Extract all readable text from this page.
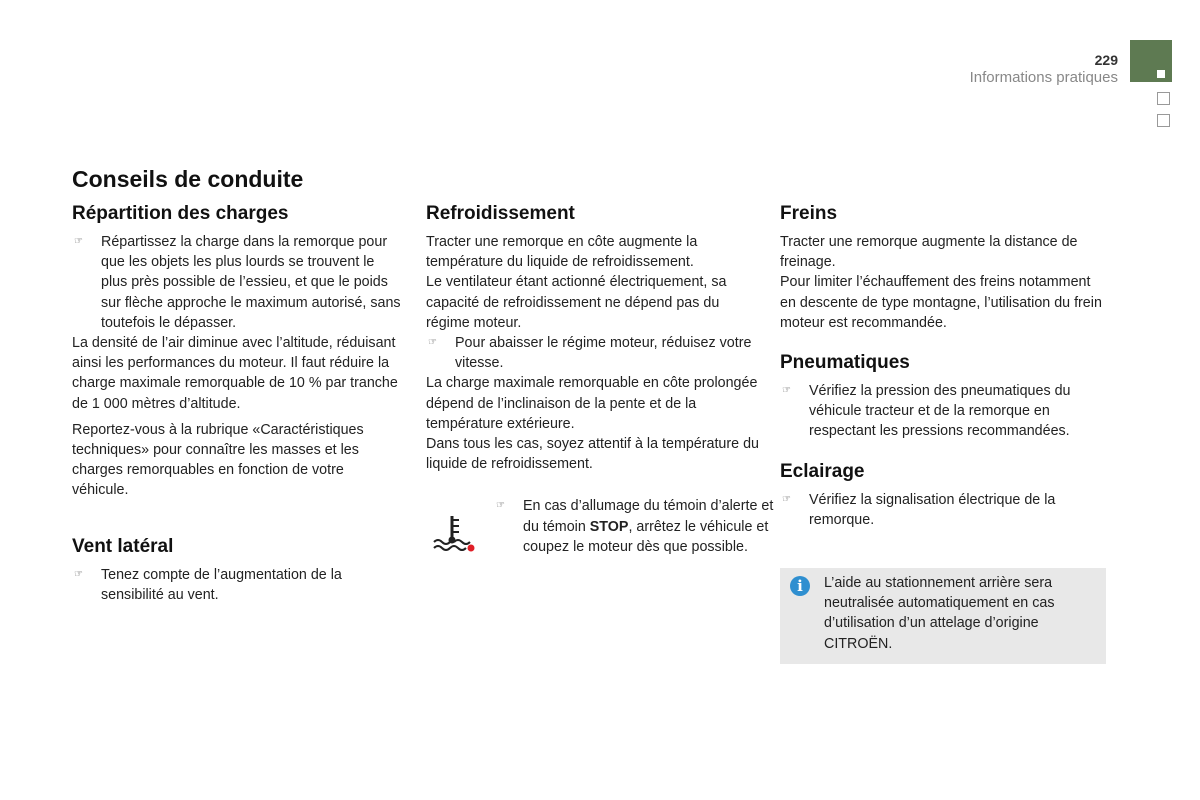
229
Informations pratiques
Conseils de conduite
Répartition des charges

☞ Répartissez la charge dans la remorque pour que les objets les plus lourds se trouvent le plus près possible de l’essieu, et que le poids sur flèche approche le maximum autorisé, sans toutefois le dépasser.

La densité de l’air diminue avec l’altitude, réduisant ainsi les performances du moteur. Il faut réduire la charge maximale remorquable de 10 % par tranche de 1 000 mètres d’altitude.

Reportez-vous à la rubrique «Caractéristiques techniques» pour connaître les masses et les charges remorquables en fonction de votre véhicule.

Vent latéral

☞ Tenez compte de l’augmentation de la sensibilité au vent.

Refroidissement

Tracter une remorque en côte augmente la température du liquide de refroidissement.

Le ventilateur étant actionné électriquement, sa capacité de refroidissement ne dépend pas du régime moteur.

☞ Pour abaisser le régime moteur, réduisez votre vitesse.

La charge maximale remorquable en côte prolongée dépend de l’inclinaison de la pente et de la température extérieure.

Dans tous les cas, soyez attentif à la température du liquide de refroidissement.

☞ En cas d’allumage du témoin d’alerte et du témoin STOP, arrêtez le véhicule et coupez le moteur dès que possible.

Freins

Tracter une remorque augmente la distance de freinage.

Pour limiter l’échauffement des freins notamment en descente de type montagne, l’utilisation du frein moteur est recommandée.

Pneumatiques

☞ Vérifiez la pression des pneumatiques du véhicule tracteur et de la remorque en respectant les pressions recommandées.

Eclairage

☞ Vérifiez la signalisation électrique de la remorque.

i	L’aide au stationnement arrière sera neutralisée automatiquement en cas d’utilisation d’un attelage d’origine CITROËN.
